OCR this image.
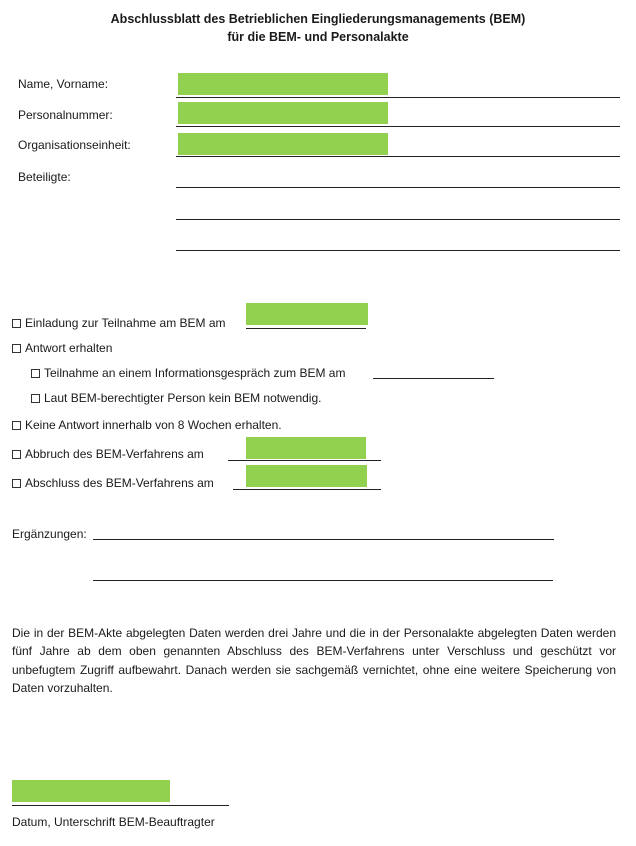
Abschlussblatt des Betrieblichen Eingliederungsmanagements (BEM)
für die BEM- und Personalakte
Name, Vorname:
Personalnummer:
Organisationseinheit:
Beteiligte:
Einladung zur Teilnahme am BEM am
Antwort erhalten
Teilnahme an einem Informationsgespräch zum BEM am
Laut BEM-berechtigter Person kein BEM notwendig.
Keine Antwort innerhalb von 8 Wochen erhalten.
Abbruch des BEM-Verfahrens am
Abschluss des BEM-Verfahrens am
Ergänzungen:
Die in der BEM-Akte abgelegten Daten werden drei Jahre und die in der Personalakte abgelegten Daten werden fünf Jahre ab dem oben genannten Abschluss des BEM-Verfahrens unter Verschluss und geschützt vor unbefugtem Zugriff aufbewahrt. Danach werden sie sachgemäß vernichtet, ohne eine weitere Speicherung von Daten vorzuhalten.
Datum, Unterschrift BEM-Beauftragter
